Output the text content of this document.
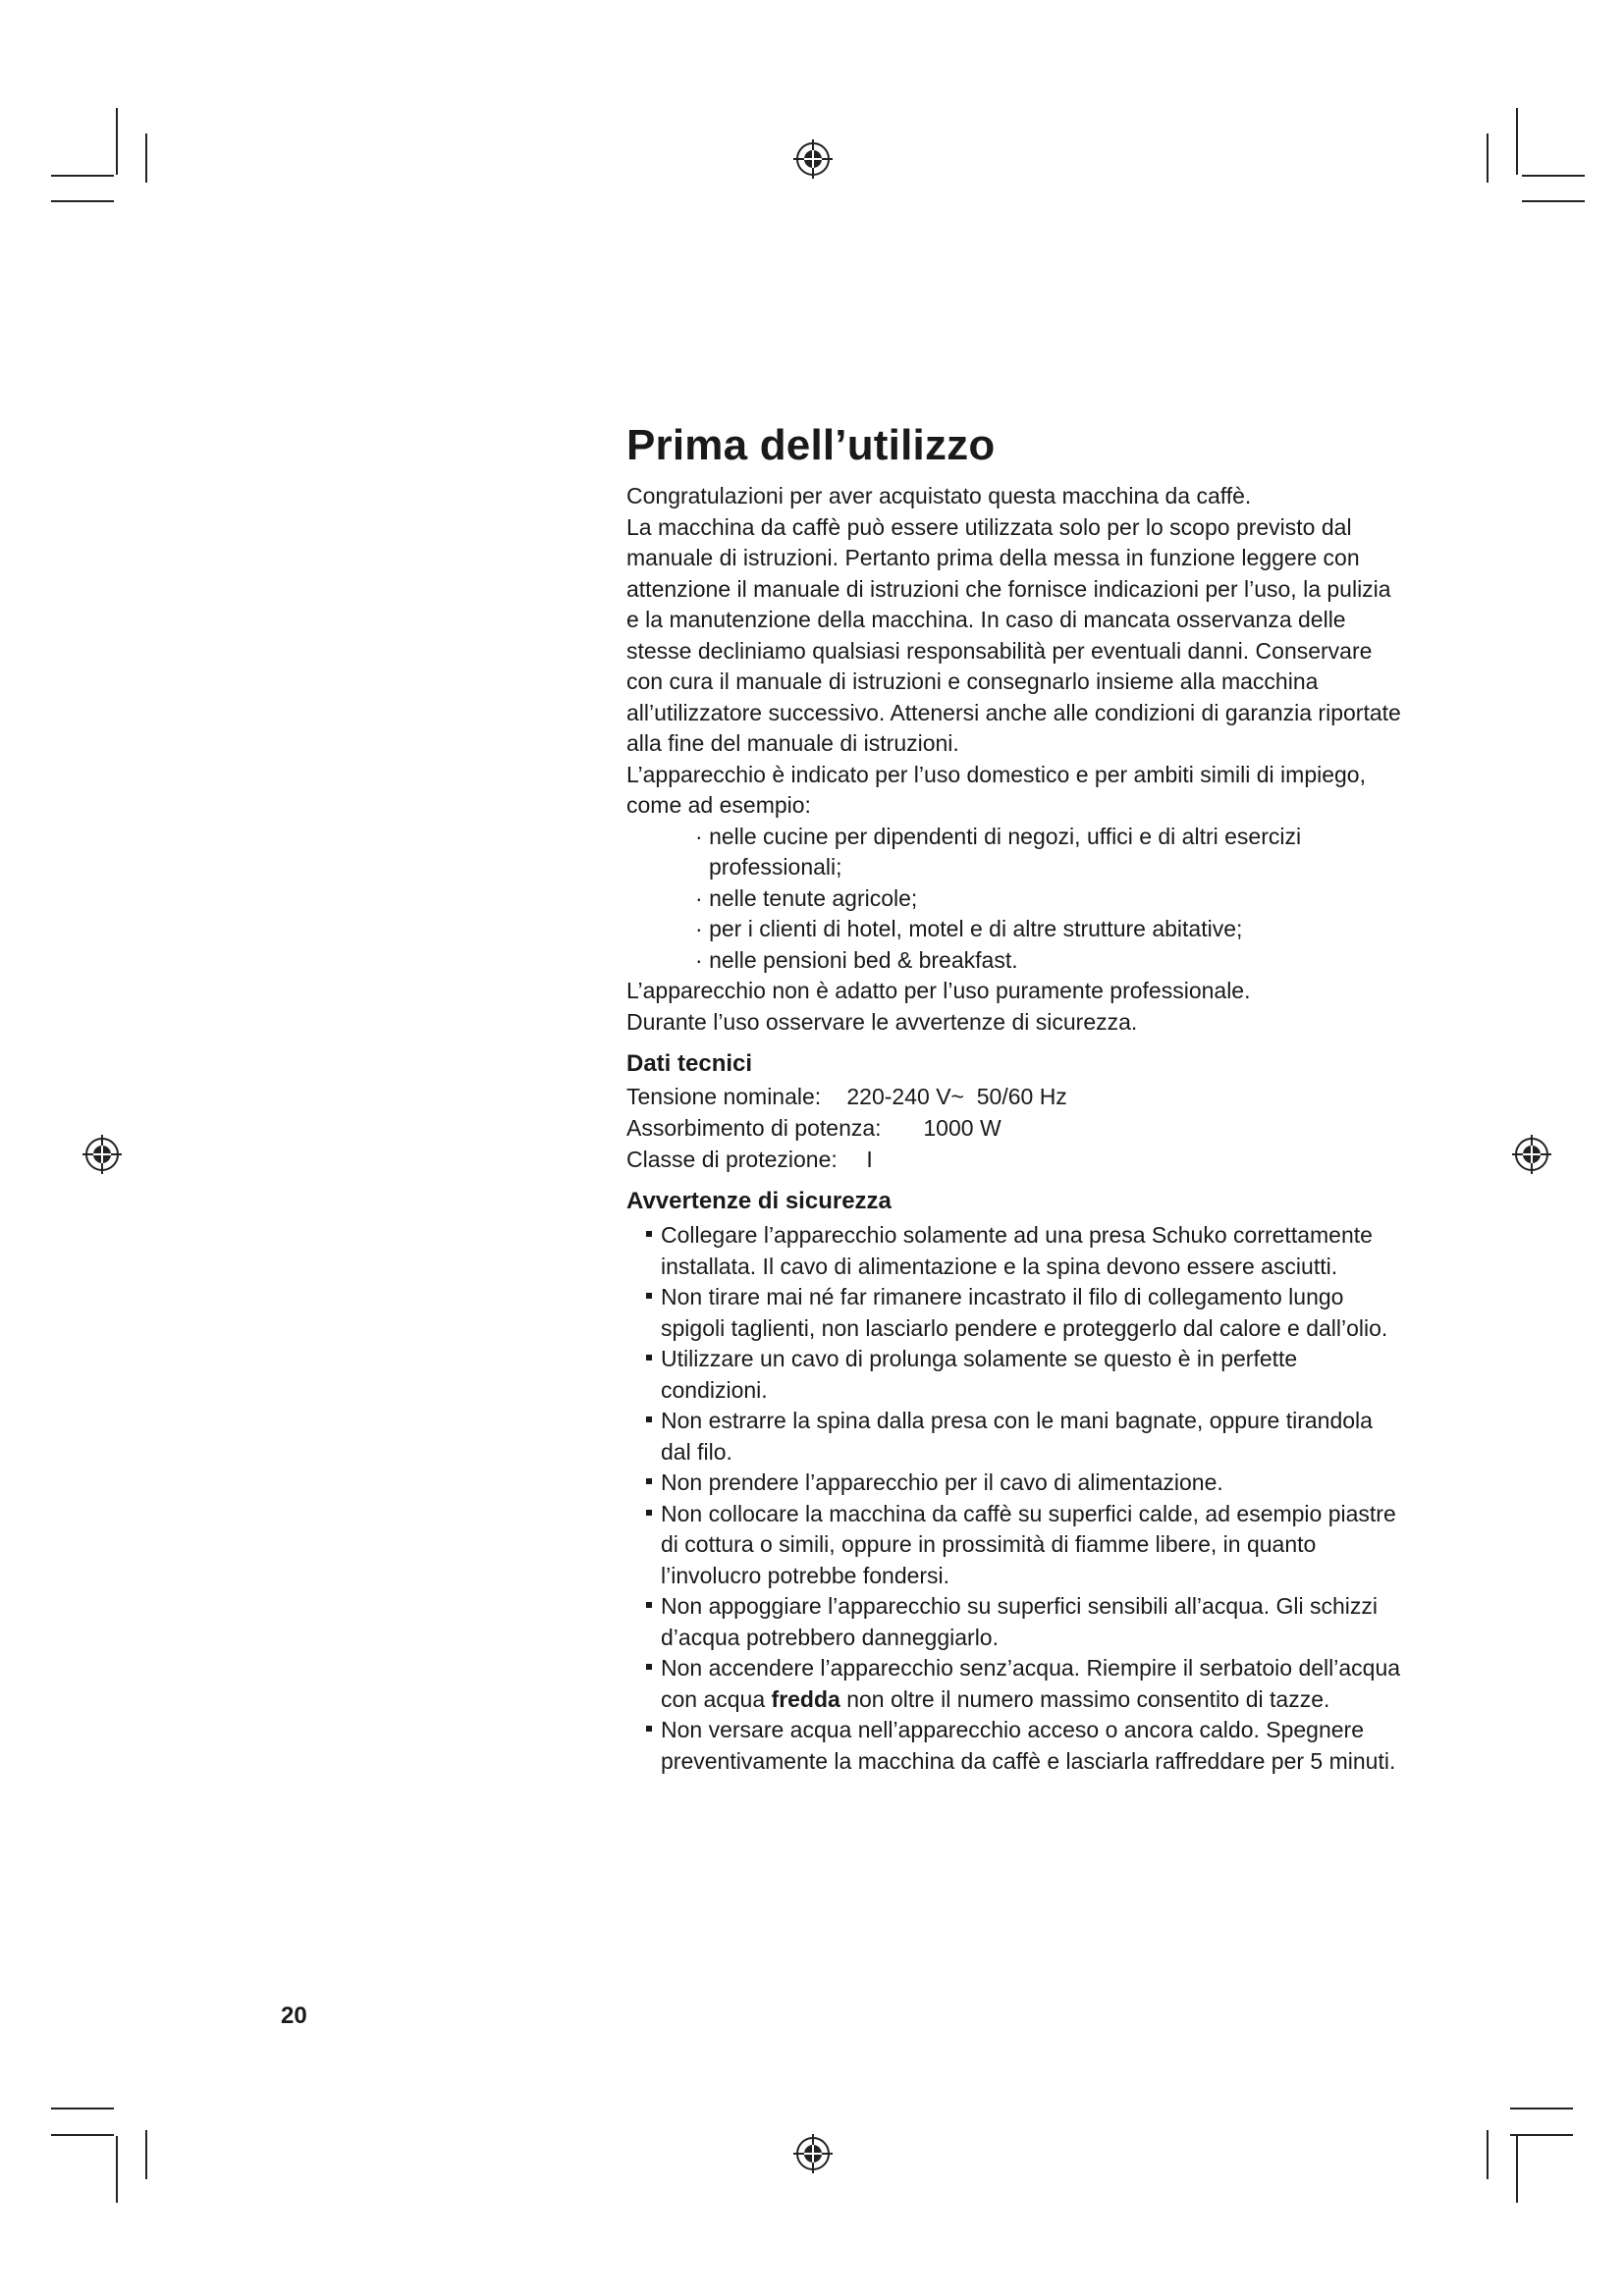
Prima dell’utilizzo

Congratulazioni per aver acquistato questa macchina da caffè.

La macchina da caffè può essere utilizzata solo per lo scopo previsto dal manuale di istruzioni. Pertanto prima della messa in funzione leggere con attenzione il manuale di istruzioni che fornisce indicazioni per l’uso, la pulizia e la manutenzione della macchina. In caso di mancata osservanza delle stesse decliniamo qualsiasi responsabilità per eventuali danni. Conservare con cura il manuale di istruzioni e consegnarlo insieme alla macchina all’utilizzatore successivo. Attenersi anche alle condizioni di garanzia riportate alla fine del manuale di istruzioni.

L’apparecchio è indicato per l’uso domestico e per ambiti simili di impiego, come ad esempio:

· nelle cucine per dipendenti di negozi, uffici e di altri esercizi professionali;
· nelle tenute agricole;
· per i clienti di hotel, motel e di altre strutture abitative;
· nelle pensioni bed & breakfast.

L’apparecchio non è adatto per l’uso puramente professionale.

Durante l’uso osservare le avvertenze di sicurezza.

Dati tecnici
Tensione nominale: 220-240 V~  50/60 Hz
Assorbimento di potenza: 1000 W
Classe di protezione: I
Avvertenze di sicurezza
Collegare l’apparecchio solamente ad una presa Schuko correttamente installata. Il cavo di alimentazione e la spina devono essere asciutti.
Non tirare mai né far rimanere incastrato il filo di collegamento lungo spigoli taglienti, non lasciarlo pendere e proteggerlo dal calore e dall’olio.
Utilizzare un cavo di prolunga solamente se questo è in perfette condizioni.
Non estrarre la spina dalla presa con le mani bagnate, oppure tirandola dal filo.
Non prendere l’apparecchio per il cavo di alimentazione.
Non collocare la macchina da caffè su superfici calde, ad esempio piastre di cottura o simili, oppure in prossimità di fiamme libere, in quanto l’involucro potrebbe fondersi.
Non appoggiare l’apparecchio su superfici sensibili all’acqua. Gli schizzi d’acqua potrebbero danneggiarlo.
Non accendere l’apparecchio senz’acqua. Riempire il serbatoio dell’acqua con acqua fredda non oltre il numero massimo consentito di tazze.
Non versare acqua nell’apparecchio acceso o ancora caldo. Spegnere preventivamente la macchina da caffè e lasciarla raffreddare per 5 minuti.
20
